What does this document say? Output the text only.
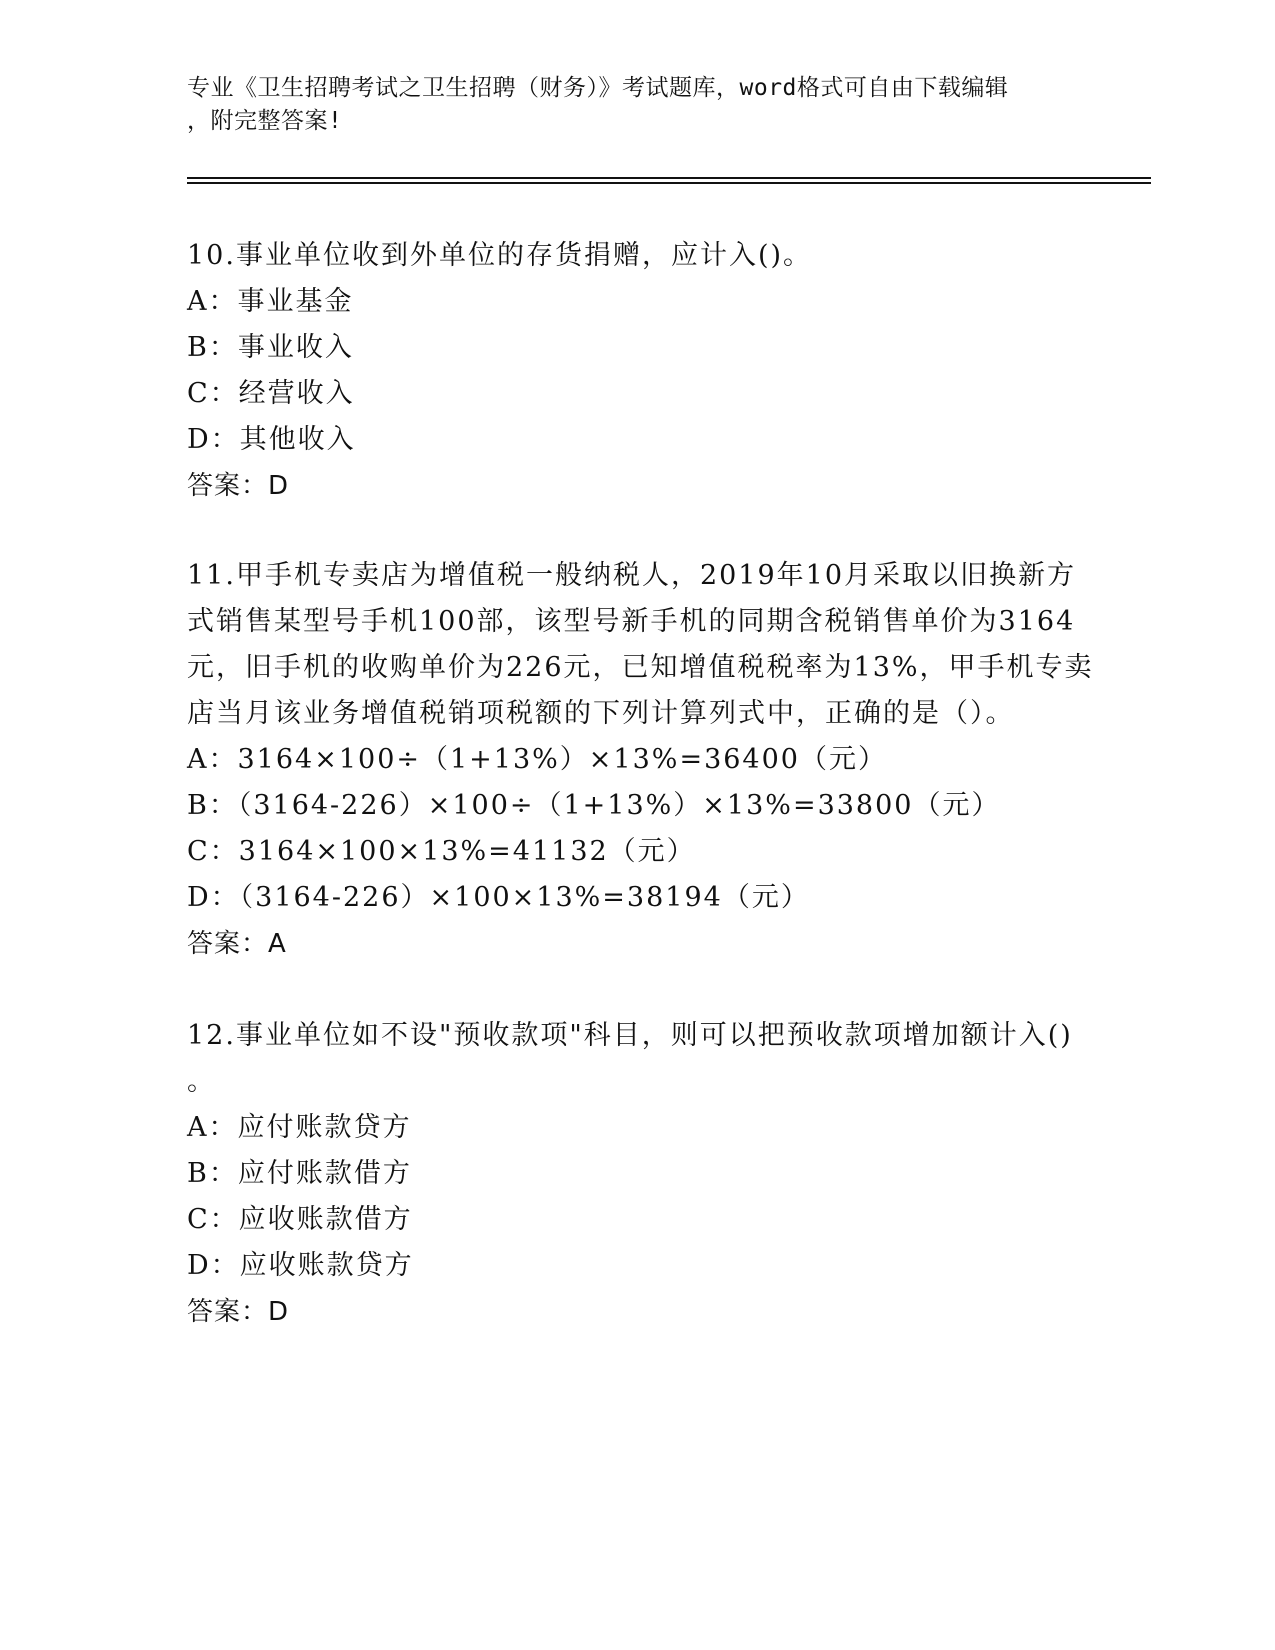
专业《卫生招聘考试之卫生招聘（财务）》考试题库，word格式可自由下载编辑
，附完整答案!
10.事业单位收到外单位的存货捐赠，应计入()。
A：事业基金
B：事业收入
C：经营收入
D：其他收入
答案：D
11.甲手机专卖店为增值税一般纳税人，2019年10月采取以旧换新方
式销售某型号手机100部，该型号新手机的同期含税销售单价为3164
元，旧手机的收购单价为226元，已知增值税税率为13%，甲手机专卖
店当月该业务增值税销项税额的下列计算列式中，正确的是（）。
A：3164×100÷（1+13%）×13%=36400（元）
B：（3164-226）×100÷（1+13%）×13%=33800（元）
C：3164×100×13%=41132（元）
D：（3164-226）×100×13%=38194（元）
答案：A
12.事业单位如不设"预收款项"科目，则可以把预收款项增加额计入()
。
A：应付账款贷方
B：应付账款借方
C：应收账款借方
D：应收账款贷方
答案：D
